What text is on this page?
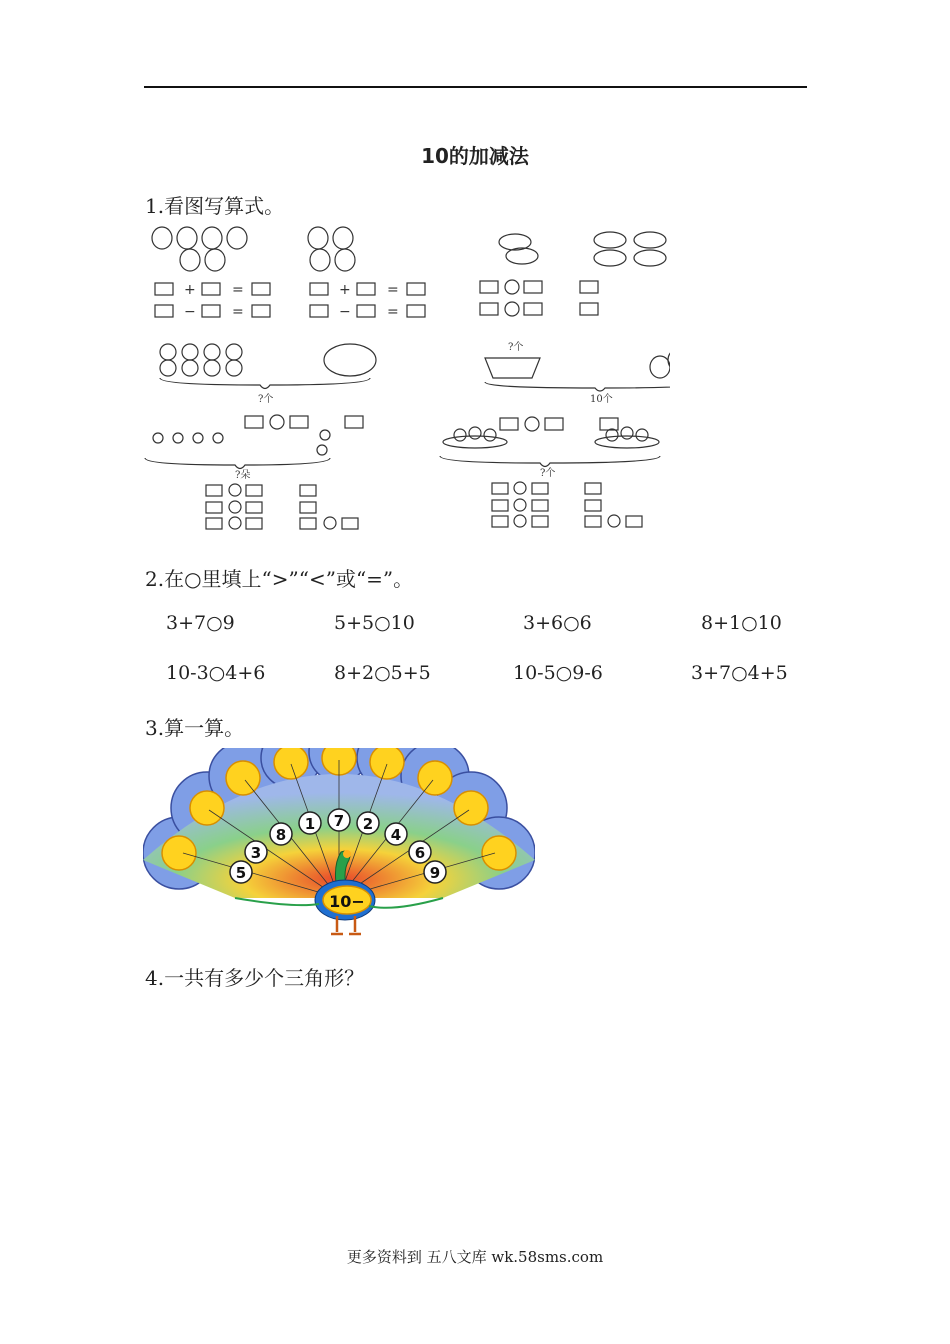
10的加减法
1.看图写算式。
+	=
−	=
+	=
−	=
?个
?个
10个
?朵	?个
2.在○里填上“>”“<”或“=”。
3+7○9	5+5○10	3+6○6	8+1○10
10-3○4+6	8+2○5+5	10-5○9-6	3+7○4+5
3.算一算。
8
1 7 2
4
3	6
5	9
10−
4.一共有多少个三角形？
更多资料到 五八文库 wk.58sms.com
